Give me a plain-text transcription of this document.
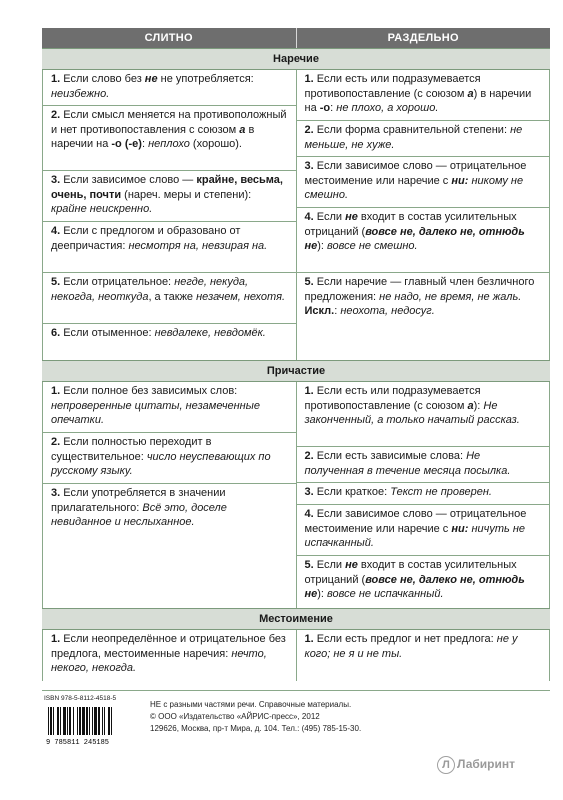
СЛИТНО	РАЗДЕЛЬНО
Наречие
1. Если слово без не не употребляется: неизбежно.
2. Если смысл меняется на противоположный и нет противопоставления с союзом а в наречии на -о (-е): неплохо (хорошо).
3. Если зависимое слово — крайне, весьма, очень, почти (нареч. меры и степени): крайне неискренно.
4. Если с предлогом и образовано от деепричастия: несмотря на, невзирая на.
5. Если отрицательное: негде, некуда, некогда, неоткуда, а также незачем, нехотя.
6. Если отыменное: невдалеке, невдомёк.
1. Если есть или подразумевается противопоставление (с союзом а) в наречии на -о: не плохо, а хорошо.
2. Если форма сравнительной степени: не меньше, не хуже.
3. Если зависимое слово — отрицательное местоимение или наречие с ни: никому не смешно.
4. Если не входит в состав усилительных отрицаний (вовсе не, далеко не, отнюдь не): вовсе не смешно.
5. Если наречие — главный член безличного предложения: не надо, не время, не жаль. Искл.: неохота, недосуг.
Причастие
1. Если полное без зависимых слов: непроверенные цитаты, незамеченные опечатки.
2. Если полностью переходит в существительное: число неуспевающих по русскому языку.
3. Если употребляется в значении прилагательного: Всё это, доселе невиданное и неслыханное.
1. Если есть или подразумевается противопоставление (с союзом а): Не законченный, а только начатый рассказ.
2. Если есть зависимые слова: Не полученная в течение месяца посылка.
3. Если краткое: Текст не проверен.
4. Если зависимое слово — отрицательное местоимение или наречие с ни: ничуть не испачканный.
5. Если не входит в состав усилительных отрицаний (вовсе не, далеко не, отнюдь не): вовсе не испачканный.
Местоимение
1. Если неопределённое и отрицательное без предлога, местоименные наречия: нечто, некого, некогда.
1. Если есть предлог и нет предлога: не у кого; не я и не ты.
ISBN 978-5-8112-4518-5
9 785811 245185
НЕ с разными частями речи. Справочные материалы.
© ООО «Издательство «АЙРИС-пресс», 2012
129626, Москва, пр-т Мира, д. 104. Тел.: (495) 785-15-30.
Л Лабиринт
